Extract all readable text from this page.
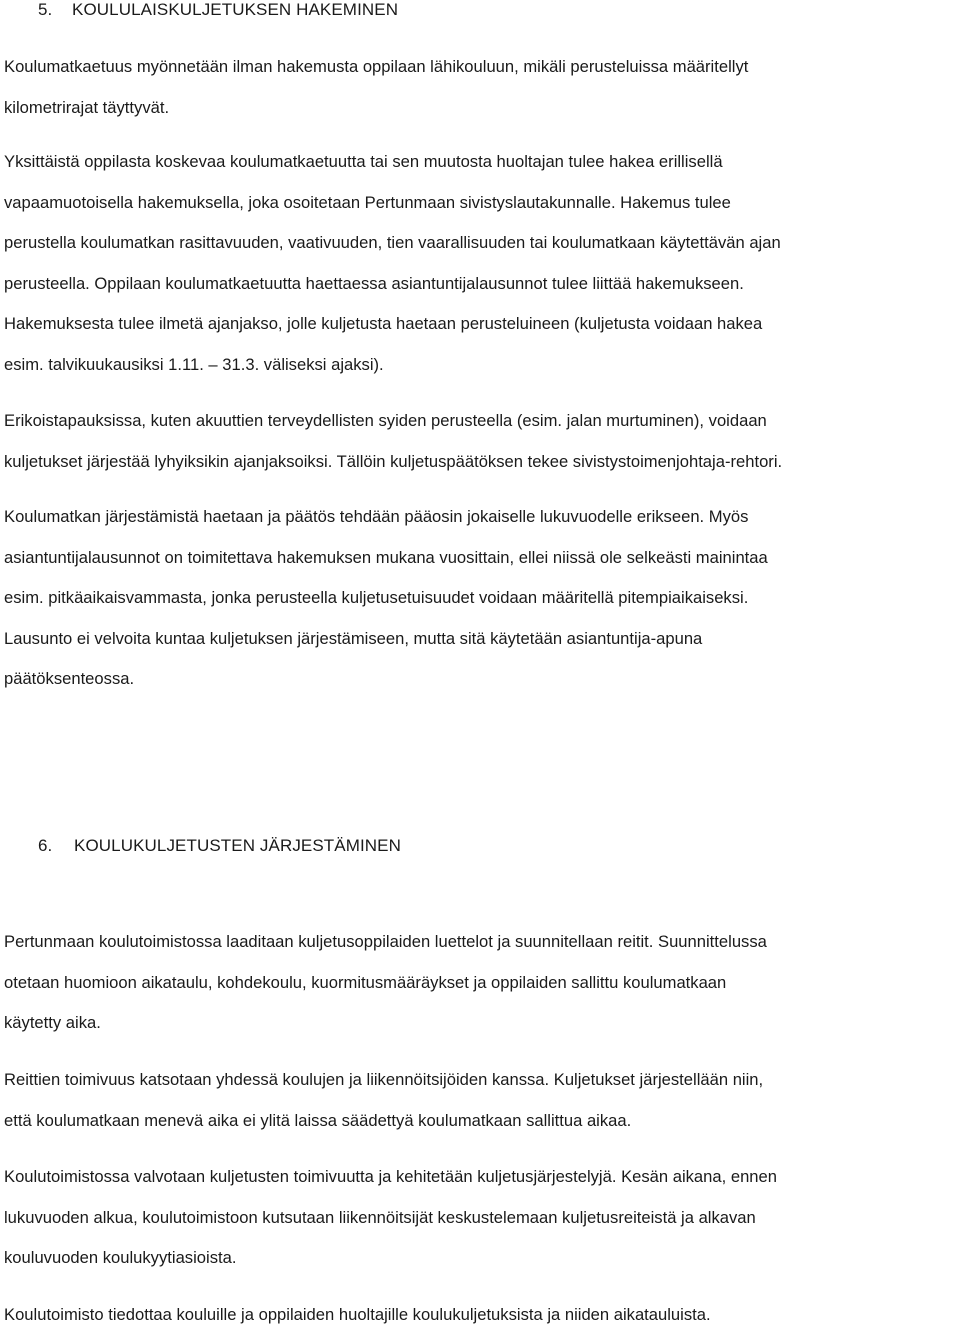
5. KOULULAISKULJETUKSEN HAKEMINEN
Koulumatkaetuus myönnetään ilman hakemusta oppilaan lähikouluun, mikäli perusteluissa määritellyt
kilometrirajat täyttyvät.
Yksittäistä oppilasta koskevaa koulumatkaetuutta tai sen muutosta huoltajan tulee hakea erillisellä
vapaamuotoisella hakemuksella, joka osoitetaan Pertunmaan sivistyslautakunnalle. Hakemus tulee
perustella koulumatkan rasittavuuden, vaativuuden, tien vaarallisuuden tai koulumatkaan käytettävän ajan
perusteella. Oppilaan koulumatkaetuutta haettaessa asiantuntijalausunnot tulee liittää hakemukseen.
Hakemuksesta tulee ilmetä ajanjakso, jolle kuljetusta haetaan perusteluineen (kuljetusta voidaan hakea
esim. talvikuukausiksi 1.11. – 31.3. väliseksi ajaksi).
Erikoistapauksissa, kuten akuuttien terveydellisten syiden perusteella (esim. jalan murtuminen), voidaan
kuljetukset järjestää lyhyiksikin ajanjaksoiksi. Tällöin kuljetuspäätöksen tekee sivistystoimenjohtaja-rehtori.
Koulumatkan järjestämistä haetaan ja päätös tehdään pääosin jokaiselle lukuvuodelle erikseen. Myös
asiantuntijalausunnot on toimitettava hakemuksen mukana vuosittain, ellei niissä ole selkeästi mainintaa
esim. pitkäaikaisvammasta, jonka perusteella kuljetusetuisuudet voidaan määritellä pitempiaikaiseksi.
Lausunto ei velvoita kuntaa kuljetuksen järjestämiseen, mutta sitä käytetään asiantuntija-apuna
päätöksenteossa.
6. KOULUKULJETUSTEN JÄRJESTÄMINEN
Pertunmaan koulutoimistossa laaditaan kuljetusoppilaiden luettelot ja suunnitellaan reitit. Suunnittelussa
otetaan huomioon aikataulu, kohdekoulu, kuormitusmääräykset ja oppilaiden sallittu koulumatkaan
käytetty aika.
Reittien toimivuus katsotaan yhdessä koulujen ja liikennöitsijöiden kanssa. Kuljetukset järjestellään niin,
että koulumatkaan menevä aika ei ylitä laissa säädettyä koulumatkaan sallittua aikaa.
Koulutoimistossa valvotaan kuljetusten toimivuutta ja kehitetään kuljetusjärjestelyjä. Kesän aikana, ennen
lukuvuoden alkua, koulutoimistoon kutsutaan liikennöitsijät keskustelemaan kuljetusreiteistä ja alkavan
kouluvuoden koulukyytiasioista.
Koulutoimisto tiedottaa kouluille ja oppilaiden huoltajille koulukuljetuksista ja niiden aikatauluista.
